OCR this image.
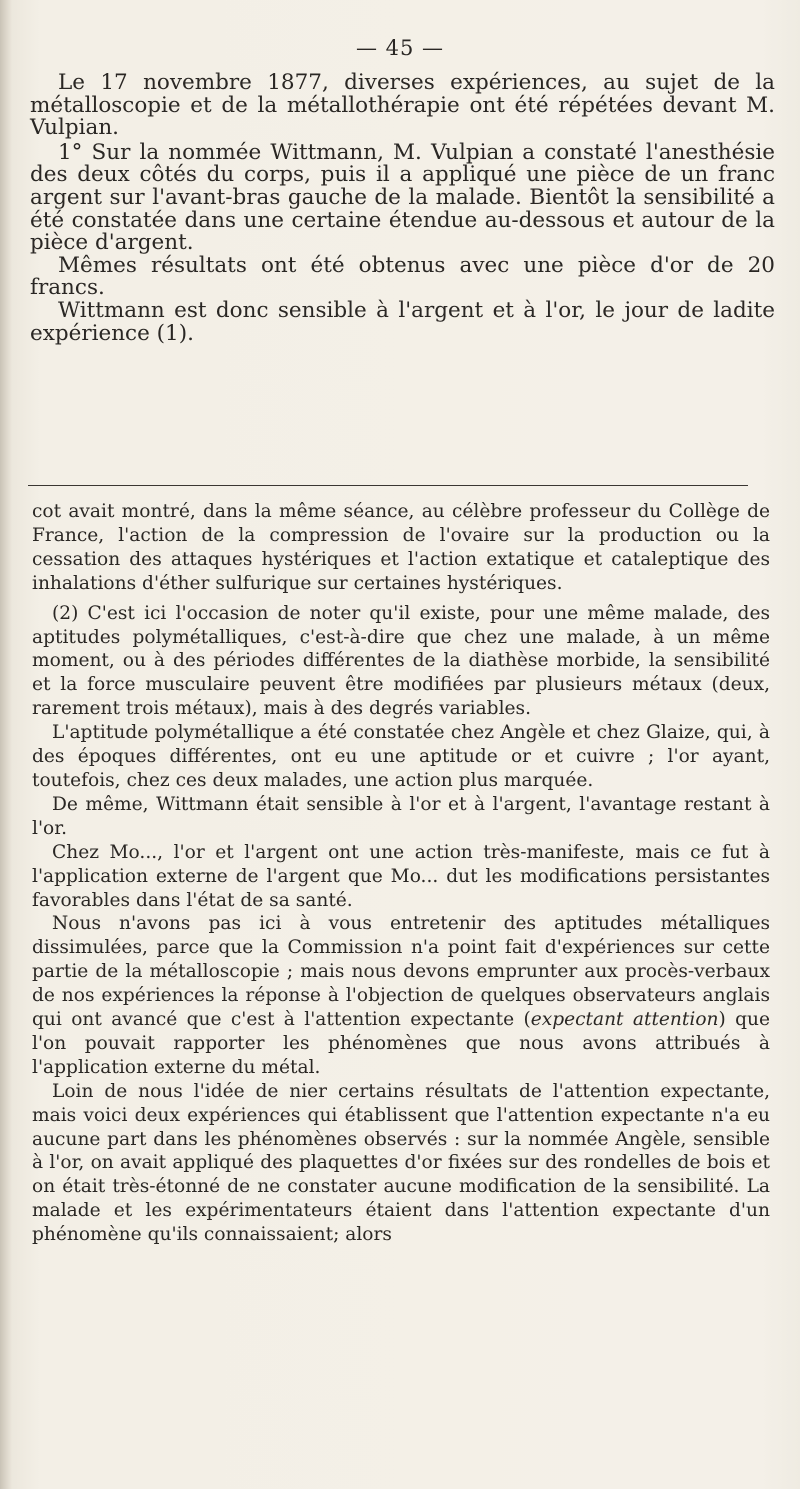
— 45 —

Le 17 novembre 1877, diverses expériences, au sujet de la métalloscopie et de la métallothérapie ont été répétées devant M. Vulpian.

1° Sur la nommée Wittmann, M. Vulpian a constaté l'anesthésie des deux côtés du corps, puis il a appliqué une pièce de un franc argent sur l'avant-bras gauche de la malade. Bientôt la sensibilité a été constatée dans une certaine étendue au-dessous et autour de la pièce d'argent.

Mêmes résultats ont été obtenus avec une pièce d'or de 20 francs.

Wittmann est donc sensible à l'argent et à l'or, le jour de ladite expérience (1).

cot avait montré, dans la même séance, au célèbre professeur du Collège de France, l'action de la compression de l'ovaire sur la production ou la cessation des attaques hystériques et l'action extatique et cataleptique des inhalations d'éther sulfurique sur certaines hystériques.

(2) C'est ici l'occasion de noter qu'il existe, pour une même malade, des aptitudes polymétalliques, c'est-à-dire que chez une malade, à un même moment, ou à des périodes différentes de la diathèse morbide, la sensibilité et la force musculaire peuvent être modifiées par plusieurs métaux (deux, rarement trois métaux), mais à des degrés variables.

L'aptitude polymétallique a été constatée chez Angèle et chez Glaize, qui, à des époques différentes, ont eu une aptitude or et cuivre ; l'or ayant, toutefois, chez ces deux malades, une action plus marquée.

De même, Wittmann était sensible à l'or et à l'argent, l'avantage restant à l'or.

Chez Mo..., l'or et l'argent ont une action très-manifeste, mais ce fut à l'application externe de l'argent que Mo... dut les modifications persistantes favorables dans l'état de sa santé.

Nous n'avons pas ici à vous entretenir des aptitudes métalliques dissimulées, parce que la Commission n'a point fait d'expériences sur cette partie de la métalloscopie ; mais nous devons emprunter aux procès-verbaux de nos expériences la réponse à l'objection de quelques observateurs anglais qui ont avancé que c'est à l'attention expectante (expectant attention) que l'on pouvait rapporter les phénomènes que nous avons attribués à l'application externe du métal.

Loin de nous l'idée de nier certains résultats de l'attention expectante, mais voici deux expériences qui établissent que l'attention expectante n'a eu aucune part dans les phénomènes observés : sur la nommée Angèle, sensible à l'or, on avait appliqué des plaquettes d'or fixées sur des rondelles de bois et on était très-étonné de ne constater aucune modification de la sensibilité. La malade et les expérimentateurs étaient dans l'attention expectante d'un phénomène qu'ils connaissaient; alors
